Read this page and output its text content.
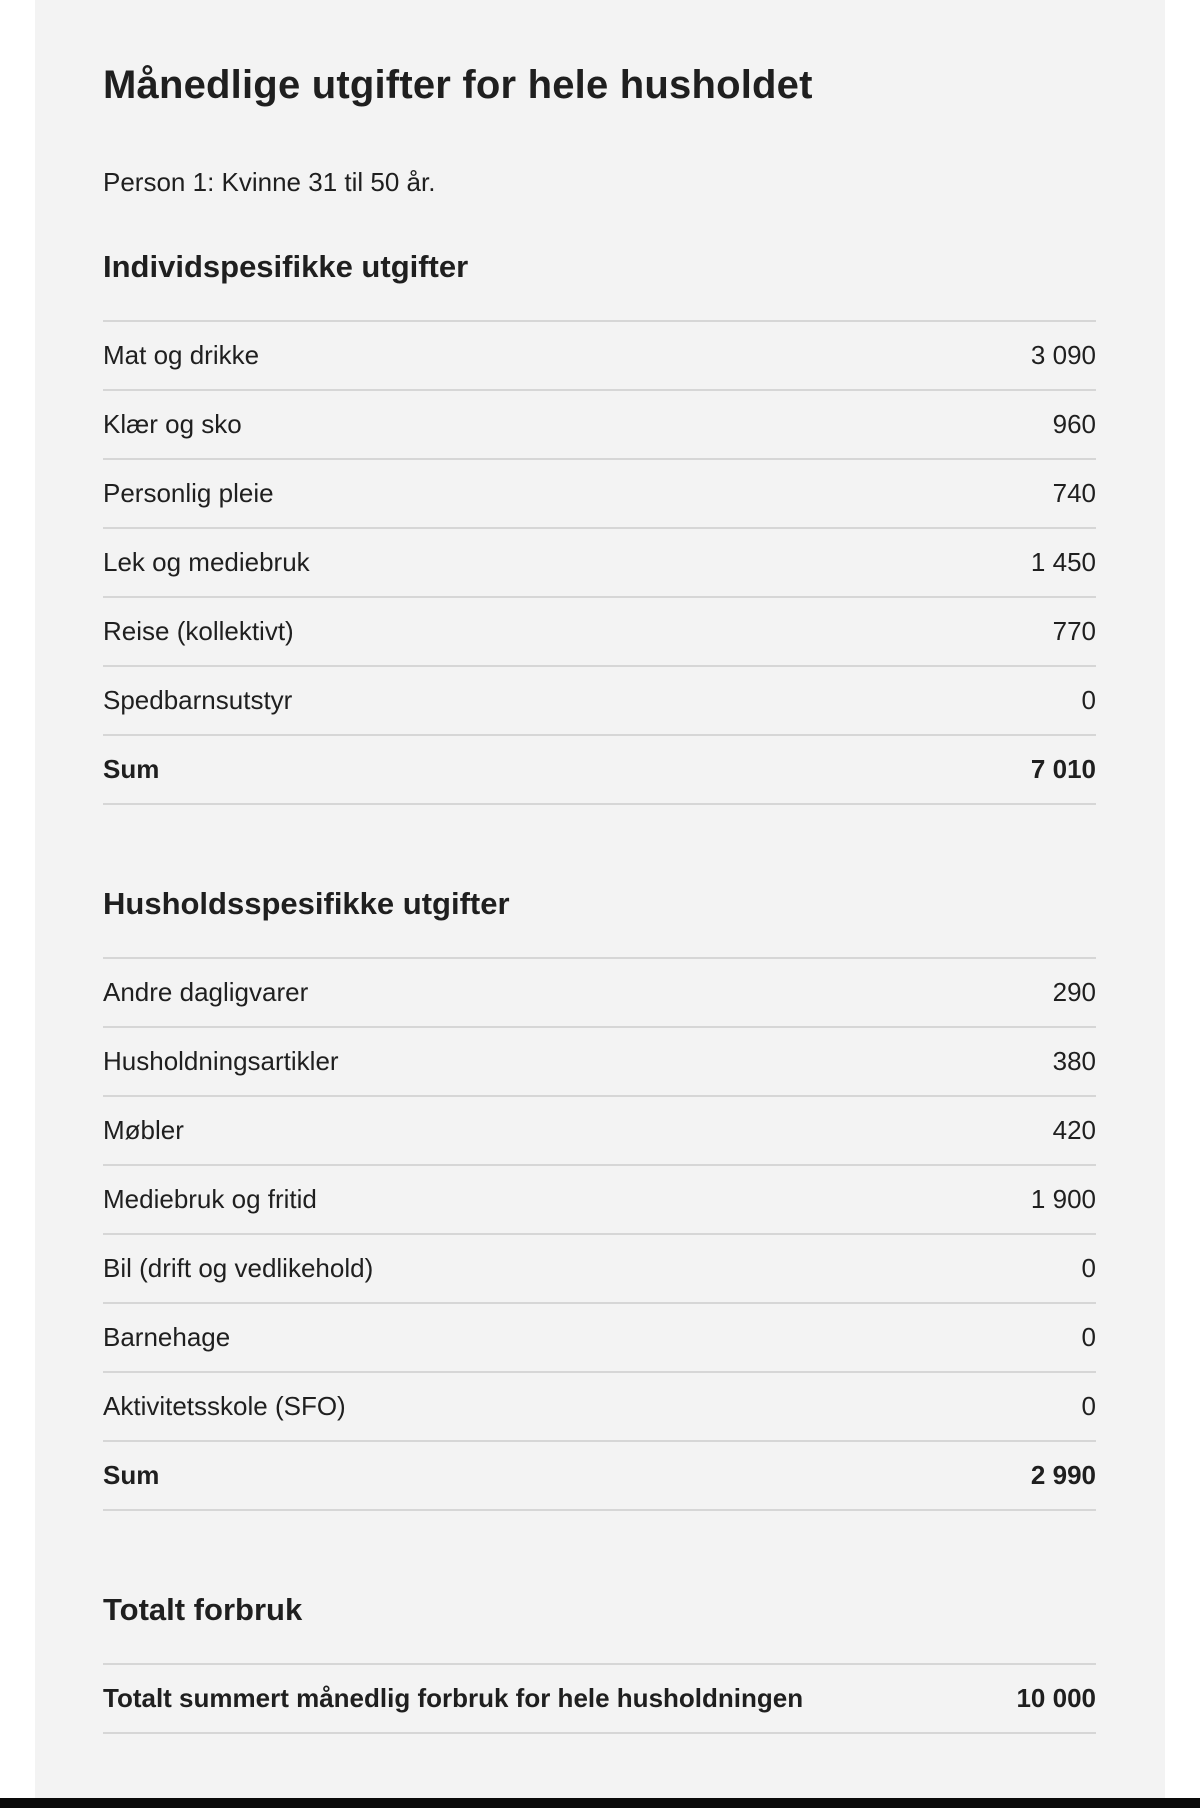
Månedlige utgifter for hele husholdet
Person 1: Kvinne 31 til 50 år.
Individspesifikke utgifter
Mat og drikke	3 090
Klær og sko	960
Personlig pleie	740
Lek og mediebruk	1 450
Reise (kollektivt)	770
Spedbarnsutstyr	0
Sum	7 010
Husholdsspesifikke utgifter
Andre dagligvarer	290
Husholdningsartikler	380
Møbler	420
Mediebruk og fritid	1 900
Bil (drift og vedlikehold)	0
Barnehage	0
Aktivitetsskole (SFO)	0
Sum	2 990
Totalt forbruk
Totalt summert månedlig forbruk for hele husholdningen	10 000
